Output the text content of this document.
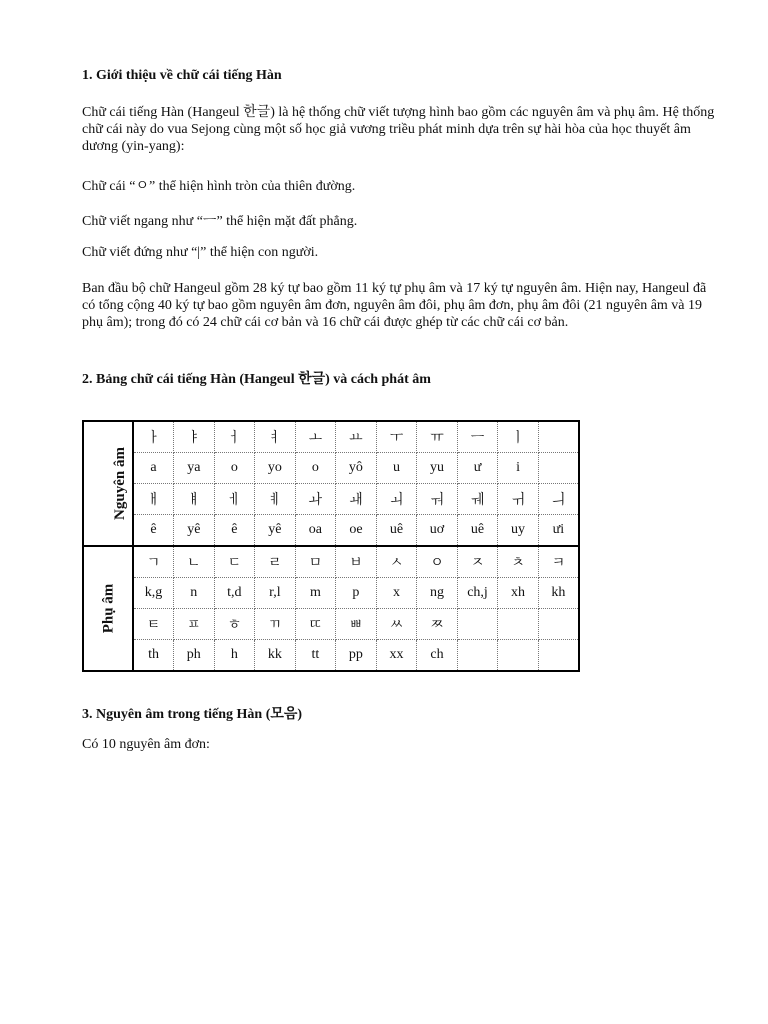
1. Giới thiệu về chữ cái tiếng Hàn
Chữ cái tiếng Hàn (Hangeul 한글) là hệ thống chữ viết tượng hình bao gồm các nguyên âm và phụ âm. Hệ thống chữ cái này do vua Sejong cùng một số học giả vương triều phát minh dựa trên sự hài hòa của học thuyết âm dương (yin-yang):
Chữ cái “ㅇ” thể hiện hình tròn của thiên đường.
Chữ viết ngang như “ㅡ” thể hiện mặt đất phẳng.
Chữ viết đứng như “|” thể hiện con người.
Ban đầu bộ chữ Hangeul gồm 28 ký tự bao gồm 11 ký tự phụ âm và 17 ký tự nguyên âm. Hiện nay, Hangeul đã có tổng cộng 40 ký tự bao gồm nguyên âm đơn, nguyên âm đôi, phụ âm đơn, phụ âm đôi (21 nguyên âm và 19 phụ âm); trong đó có 24 chữ cái cơ bản và 16 chữ cái được ghép từ các chữ cái cơ bản.
2. Bảng chữ cái tiếng Hàn (Hangeul 한글) và cách phát âm
Nguyên âm	ㅏ	ㅑ	ㅓ	ㅕ	ㅗ	ㅛ	ㅜ	ㅠ	ㅡ	ㅣ	
	a	ya	o	yo	o	yô	u	yu	ư	i	
	ㅐ	ㅒ	ㅔ	ㅖ	ㅘ	ㅙ	ㅚ	ㅝ	ㅞ	ㅟ	ㅢ
	ê	yê	ê	yê	oa	oe	uê	uơ	uê	uy	ưi
Phụ âm	ㄱ	ㄴ	ㄷ	ㄹ	ㅁ	ㅂ	ㅅ	ㅇ	ㅈ	ㅊ	ㅋ
	k,g	n	t,d	r,l	m	p	x	ng	ch,j	xh	kh
	ㅌ	ㅍ	ㅎ	ㄲ	ㄸ	ㅃ	ㅆ	ㅉ			
	th	ph	h	kk	tt	pp	xx	ch			
3. Nguyên âm trong tiếng Hàn (모음)
Có 10 nguyên âm đơn:
